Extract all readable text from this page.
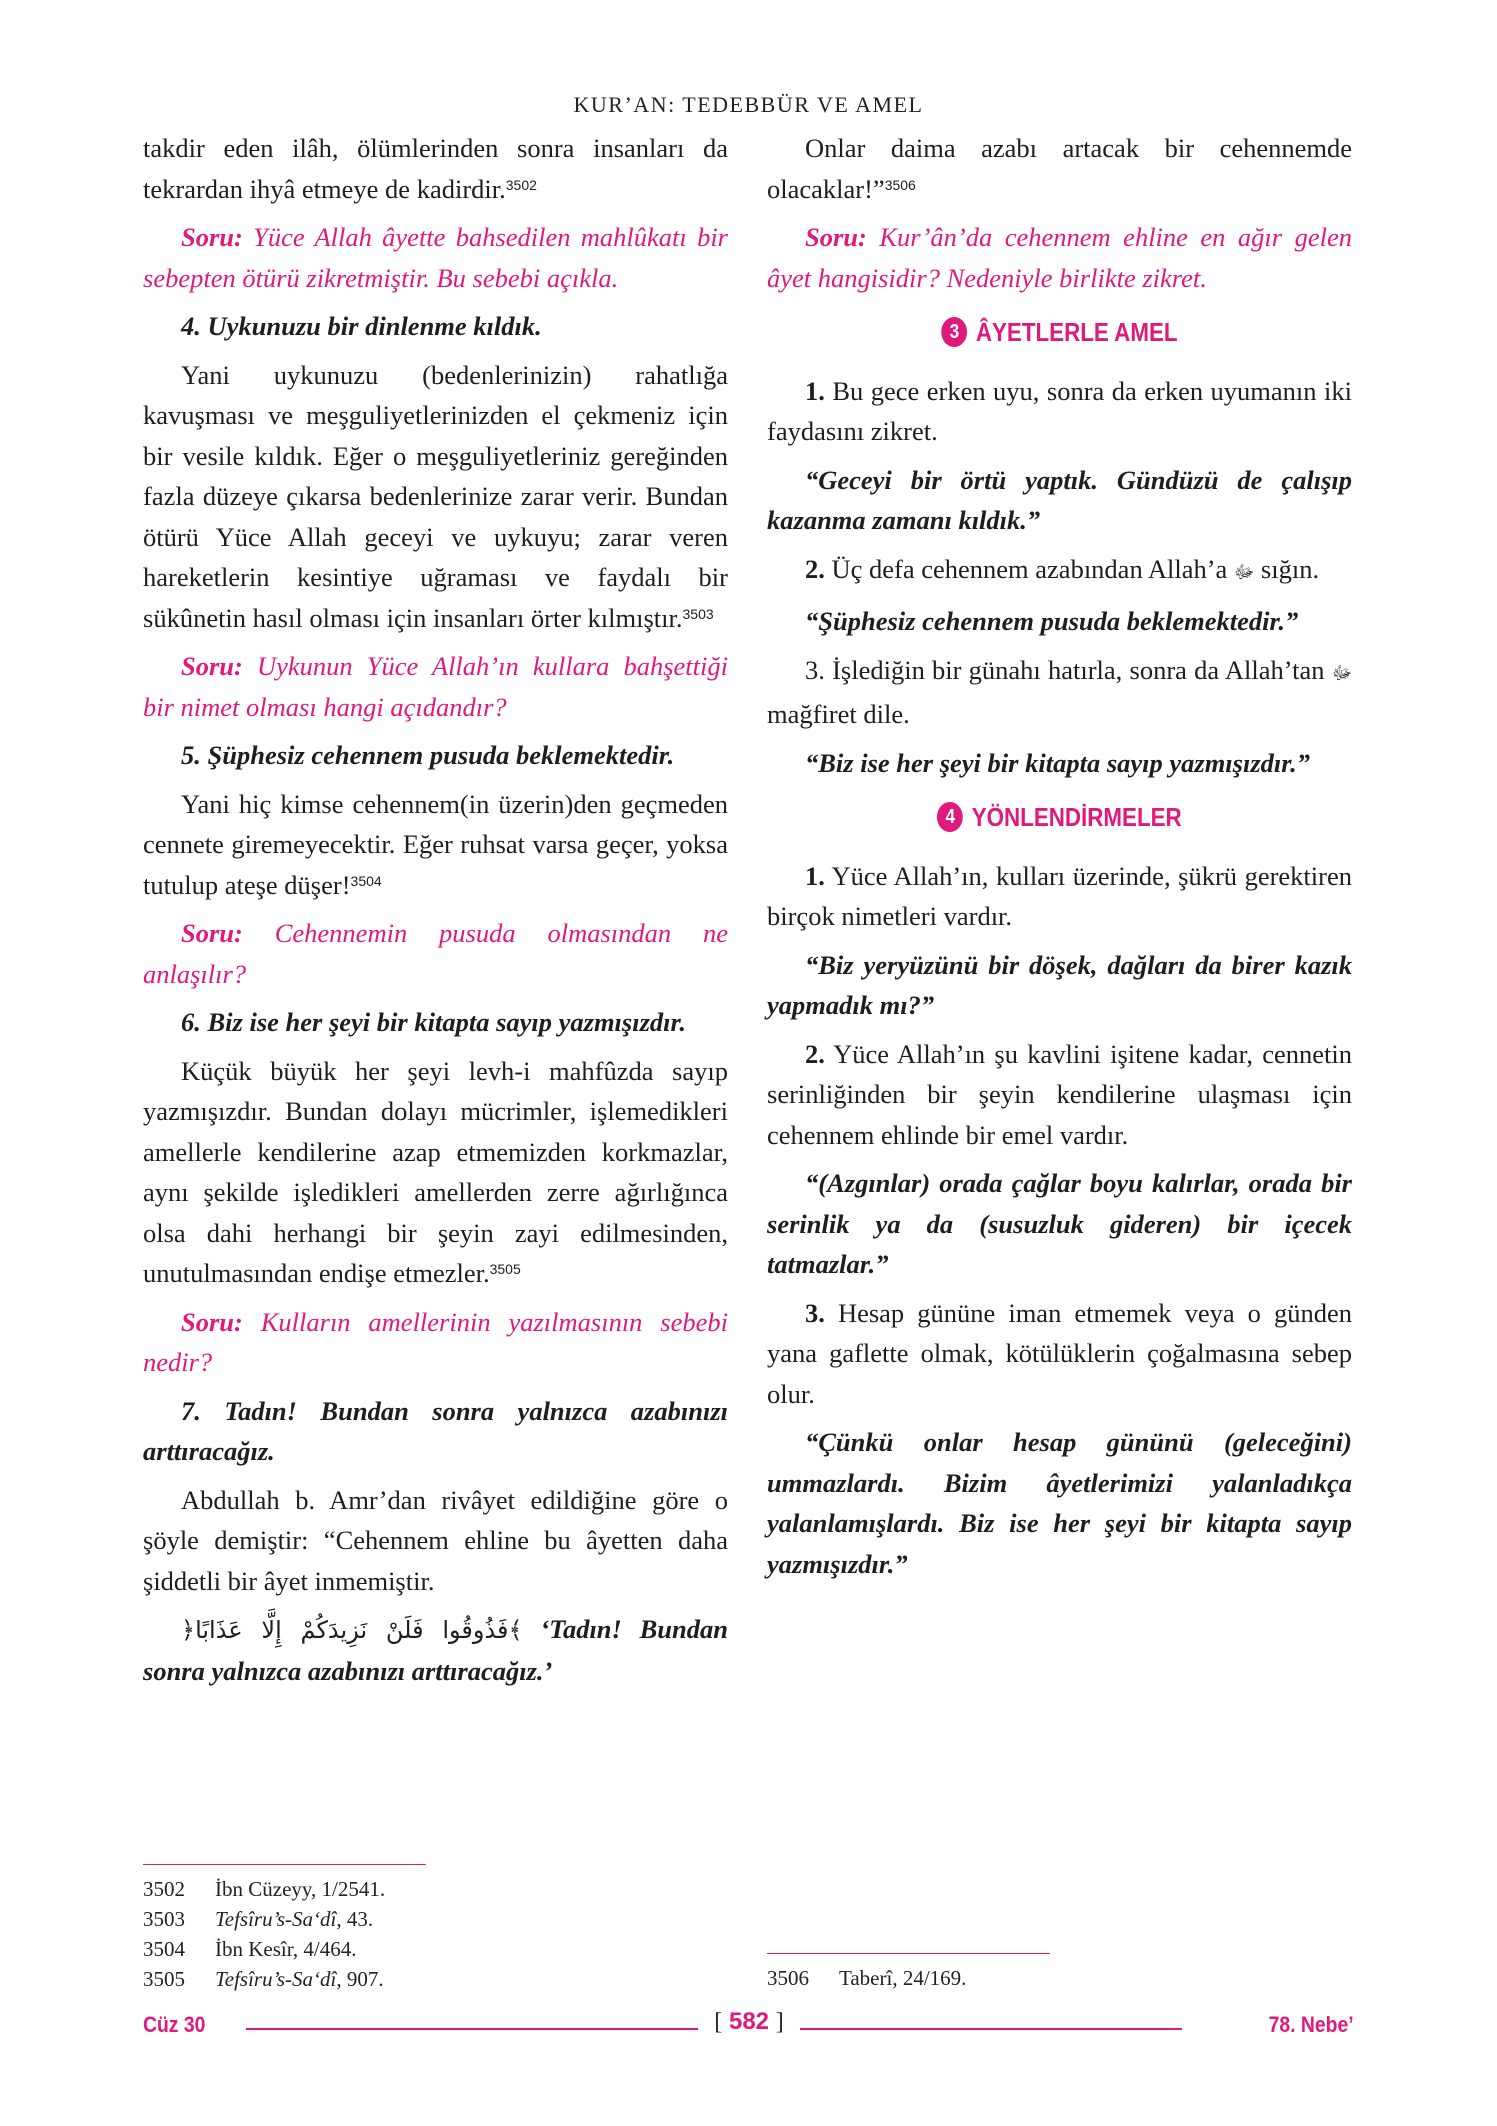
KUR’AN: TEDEBBÜR VE AMEL

takdir eden ilâh, ölümlerinden sonra insanları da tekrardan ihyâ etmeye de kadirdir.$^{3502}$

Soru: Yüce Allah âyette bahsedilen mahlûkatı bir sebepten ötürü zikretmiştir. Bu sebebi açıkla.

4. Uykunuzu bir dinlenme kıldık.

Yani uykunuzu (bedenlerinizin) rahatlığa kavuşması ve meşguliyetlerinizden el çekmeniz için bir vesile kıldık. Eğer o meşguliyetleriniz gereğinden fazla düzeye çıkarsa bedenlerinize zarar verir. Bundan ötürü Yüce Allah geceyi ve uykuyu; zarar veren hareketlerin kesintiye uğraması ve faydalı bir sükûnetin hasıl olması için insanları örter kılmıştır.$^{3503}$

Soru: Uykunun Yüce Allah’ın kullara bahşettiği bir nimet olması hangi açıdandır?

5. Şüphesiz cehennem pusuda beklemektedir.

Yani hiç kimse cehennem(in üzerin)den geçmeden cennete giremeyecektir. Eğer ruhsat varsa geçer, yoksa tutulup ateşe düşer!$^{3504}$

Soru: Cehennemin pusuda olmasından ne anlaşılır?

6. Biz ise her şeyi bir kitapta sayıp yazmışızdır.

Küçük büyük her şeyi levh-i mahfûzda sayıp yazmışızdır. Bundan dolayı mücrimler, işlemedikleri amellerle kendilerine azap etmemizden korkmazlar, aynı şekilde işledikleri amellerden zerre ağırlığınca olsa dahi herhangi bir şeyin zayi edilmesinden, unutulmasından endişe etmezler.$^{3505}$

Soru: Kulların amellerinin yazılmasının sebebi nedir?

7. Tadın! Bundan sonra yalnızca azabınızı arttıracağız.

Abdullah b. Amr’dan rivâyet edildiğine göre o şöyle demiştir: “Cehennem ehline bu âyetten daha şiddetli bir âyet inmemiştir.

﴿فَذُوقُوا فَلَنْ نَزِيدَكُمْ إِلَّا عَذَابًا﴾ ‘Tadın! Bundan sonra yalnızca azabınızı arttıracağız.’

Onlar daima azabı artacak bir cehennemde olacaklar!”$^{3506}$

Soru: Kur’ân’da cehennem ehline en ağır gelen âyet hangisidir? Nedeniyle birlikte zikret.

3 ÂYETLERLE AMEL

1. Bu gece erken uyu, sonra da erken uyumanın iki faydasını zikret.

“Geceyi bir örtü yaptık. Gündüzü de çalışıp kazanma zamanı kıldık.”

2. Üç defa cehennem azabından Allah’a ﷻ sığın.

“Şüphesiz cehennem pusuda beklemektedir.”

3. İşlediğin bir günahı hatırla, sonra da Allah’tan ﷻ mağfiret dile.

“Biz ise her şeyi bir kitapta sayıp yazmışızdır.”

4 YÖNLENDİRMELER

1. Yüce Allah’ın, kulları üzerinde, şükrü gerektiren birçok nimetleri vardır.

“Biz yeryüzünü bir döşek, dağları da birer kazık yapmadık mı?”

2. Yüce Allah’ın şu kavlini işitene kadar, cennetin serinliğinden bir şeyin kendilerine ulaşması için cehennem ehlinde bir emel vardır.

“(Azgınlar) orada çağlar boyu kalırlar, orada bir serinlik ya da (susuzluk gideren) bir içecek tatmazlar.”

3. Hesap gününe iman etmemek veya o günden yana gaflette olmak, kötülüklerin çoğalmasına sebep olur.

“Çünkü onlar hesap gününü (geleceğini) ummazlardı. Bizim âyetlerimizi yalanladıkça yalanlamışlardı. Biz ise her şeyi bir kitapta sayıp yazmışızdır.”

3502	İbn Cüzeyy, 1/2541.
3503	Tefsîru’s-Sa‘dî, 43.
3504	İbn Kesîr, 4/464.
3505	Tefsîru’s-Sa‘dî, 907.	3506	Taberî, 24/169.
Cüz 30	[ 582 ]	78. Nebe’
